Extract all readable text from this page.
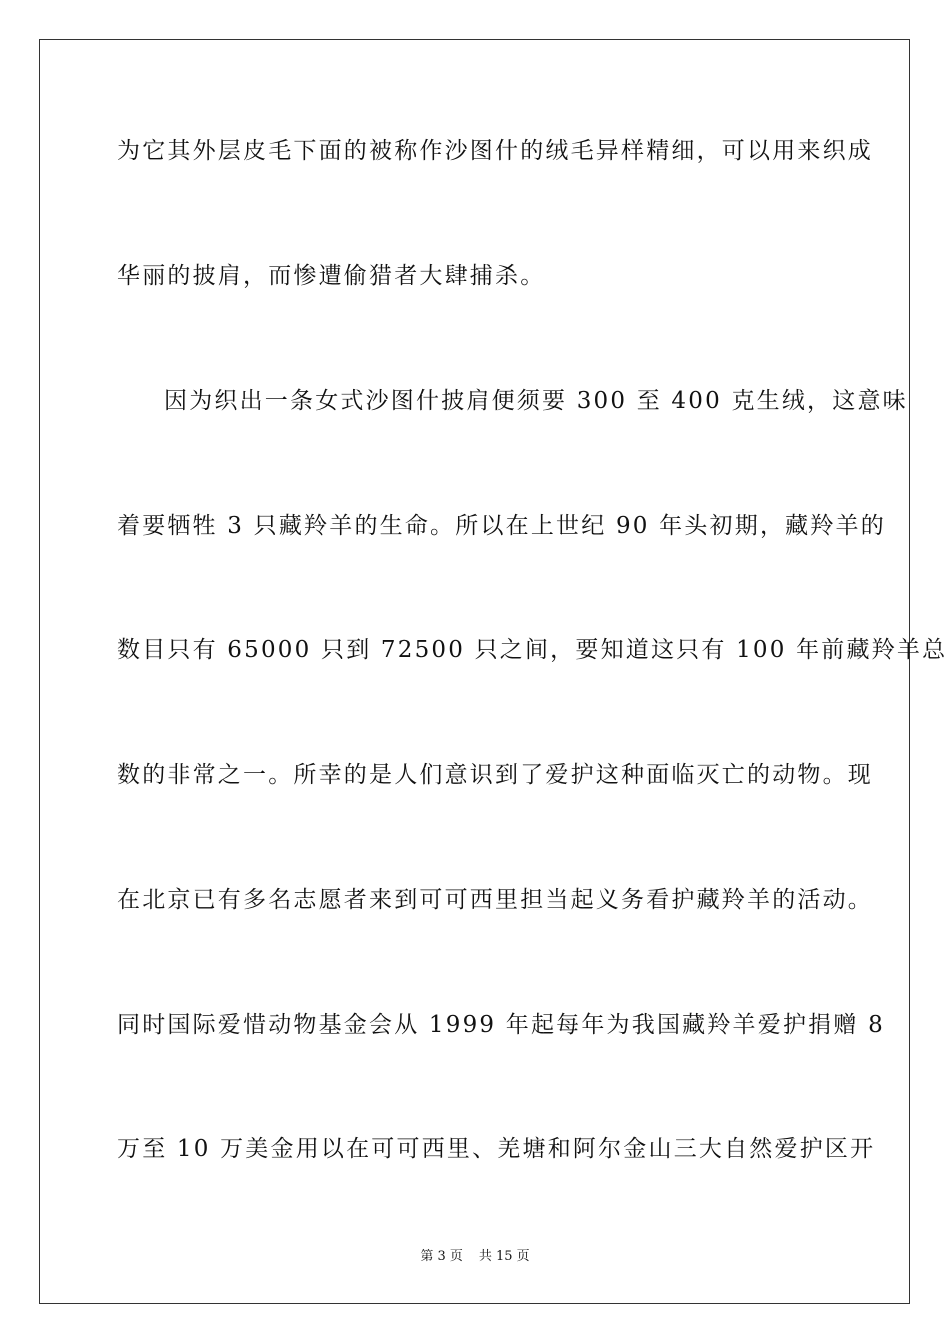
为它其外层皮毛下面的被称作沙图什的绒毛异样精细，可以用来织成
华丽的披肩，而惨遭偷猎者大肆捕杀。
因为织出一条女式沙图什披肩便须要 300 至 400 克生绒，这意味
着要牺牲 3 只藏羚羊的生命。所以在上世纪 90 年头初期，藏羚羊的
数目只有 65000 只到 72500 只之间，要知道这只有 100 年前藏羚羊总
数的非常之一。所幸的是人们意识到了爱护这种面临灭亡的动物。现
在北京已有多名志愿者来到可可西里担当起义务看护藏羚羊的活动。
同时国际爱惜动物基金会从 1999 年起每年为我国藏羚羊爱护捐赠 8
万至 10 万美金用以在可可西里、羌塘和阿尔金山三大自然爱护区开
第 3 页 共 15 页
